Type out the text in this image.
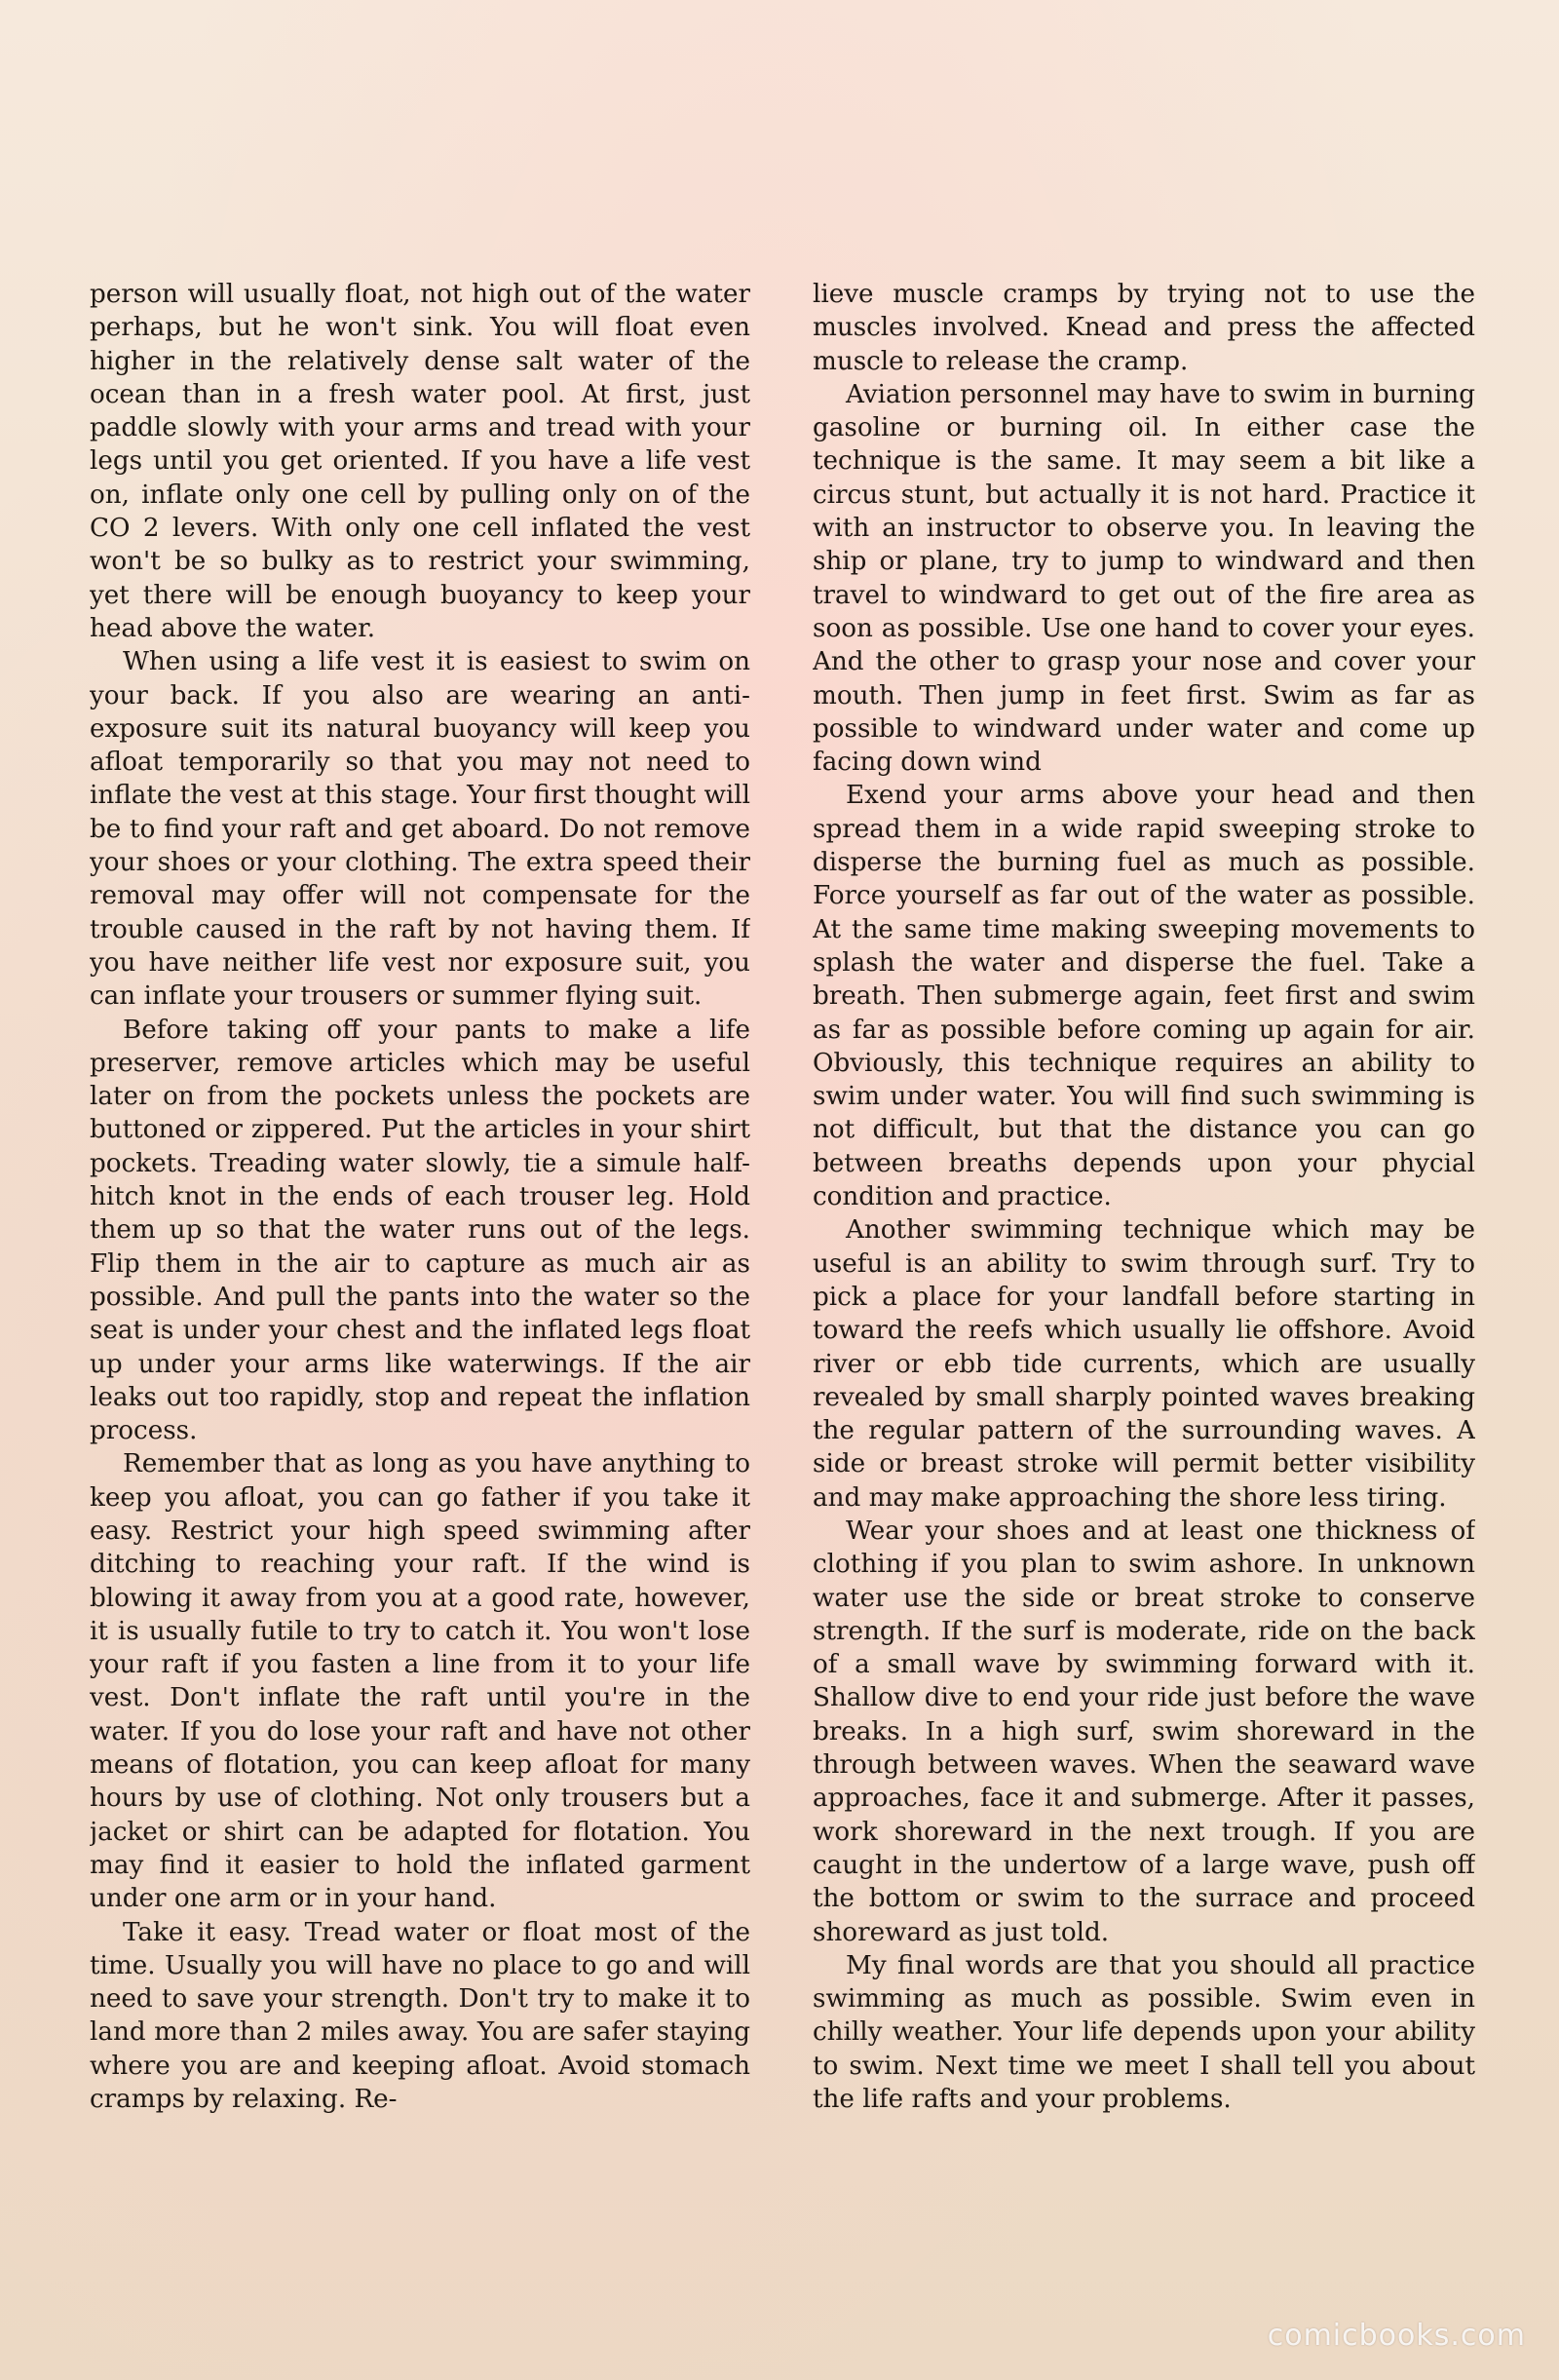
person will usually float, not high out of the water perhaps, but he won't sink. You will float even higher in the relatively dense salt water of the ocean than in a fresh water pool. At first, just paddle slowly with your arms and tread with your legs until you get oriented. If you have a life vest on, inflate only one cell by pulling only on of the CO 2 levers. With only one cell inflated the vest won't be so bulky as to restrict your swimming, yet there will be enough buoyancy to keep your head above the water.

When using a life vest it is easiest to swim on your back. If you also are wearing an anti-exposure suit its natural buoyancy will keep you afloat temporarily so that you may not need to inflate the vest at this stage. Your first thought will be to find your raft and get aboard. Do not remove your shoes or your clothing. The extra speed their removal may offer will not compensate for the trouble caused in the raft by not having them. If you have neither life vest nor exposure suit, you can inflate your trousers or summer flying suit.

Before taking off your pants to make a life preserver, remove articles which may be useful later on from the pockets unless the pockets are buttoned or zippered. Put the articles in your shirt pockets. Treading water slowly, tie a simule half-hitch knot in the ends of each trouser leg. Hold them up so that the water runs out of the legs. Flip them in the air to capture as much air as possible. And pull the pants into the water so the seat is under your chest and the inflated legs float up under your arms like waterwings. If the air leaks out too rapidly, stop and repeat the inflation process.

Remember that as long as you have anything to keep you afloat, you can go father if you take it easy. Restrict your high speed swimming after ditching to reaching your raft. If the wind is blowing it away from you at a good rate, however, it is usually futile to try to catch it. You won't lose your raft if you fasten a line from it to your life vest. Don't inflate the raft until you're in the water. If you do lose your raft and have not other means of flotation, you can keep afloat for many hours by use of clothing. Not only trousers but a jacket or shirt can be adapted for flotation. You may find it easier to hold the inflated garment under one arm or in your hand.

Take it easy. Tread water or float most of the time. Usually you will have no place to go and will need to save your strength. Don't try to make it to land more than 2 miles away. You are safer staying where you are and keeping afloat. Avoid stomach cramps by relaxing. Re-

lieve muscle cramps by trying not to use the muscles involved. Knead and press the affected muscle to release the cramp.

Aviation personnel may have to swim in burning gasoline or burning oil. In either case the technique is the same. It may seem a bit like a circus stunt, but actually it is not hard. Practice it with an instructor to observe you. In leaving the ship or plane, try to jump to windward and then travel to windward to get out of the fire area as soon as possible. Use one hand to cover your eyes. And the other to grasp your nose and cover your mouth. Then jump in feet first. Swim as far as possible to windward under water and come up facing down wind

Exend your arms above your head and then spread them in a wide rapid sweeping stroke to disperse the burning fuel as much as possible. Force yourself as far out of the water as possible. At the same time making sweeping movements to splash the water and disperse the fuel. Take a breath. Then submerge again, feet first and swim as far as possible before coming up again for air. Obviously, this technique requires an ability to swim under water. You will find such swimming is not difficult, but that the distance you can go between breaths depends upon your phycial condition and practice.

Another swimming technique which may be useful is an ability to swim through surf. Try to pick a place for your landfall before starting in toward the reefs which usually lie offshore. Avoid river or ebb tide currents, which are usually revealed by small sharply pointed waves breaking the regular pattern of the surrounding waves. A side or breast stroke will permit better visibility and may make approaching the shore less tiring.

Wear your shoes and at least one thickness of clothing if you plan to swim ashore. In unknown water use the side or breat stroke to conserve strength. If the surf is moderate, ride on the back of a small wave by swimming forward with it. Shallow dive to end your ride just before the wave breaks. In a high surf, swim shoreward in the through between waves. When the seaward wave approaches, face it and submerge. After it passes, work shoreward in the next trough. If you are caught in the undertow of a large wave, push off the bottom or swim to the surrace and proceed shoreward as just told.

My final words are that you should all practice swimming as much as possible. Swim even in chilly weather. Your life depends upon your ability to swim. Next time we meet I shall tell you about the life rafts and your problems.

comicbooks.com
